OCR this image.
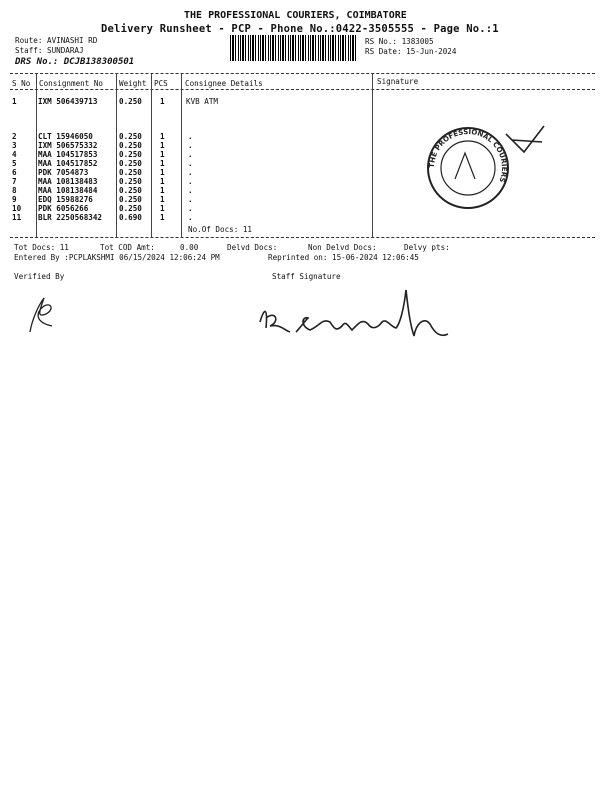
THE PROFESSIONAL COURIERS, COIMBATORE
Delivery Runsheet - PCP - Phone No.:0422-3505555 - Page No.:1
Route: AVINASHI RD
Staff: SUNDARAJ
DRS No.: DCJB138300501
RS No.: 1383005
RS Date: 15-Jun-2024
S No Consignment No Weight PCS Consignee Details	Signature
1	IXM 506439713	0.250 1	KVB ATM
2	CLT 15946050	0.250 1	.
3	IXM 506575332	0.250 1	.
4	MAA 104517853	0.250 1	.
5	MAA 104517852	0.250 1	.
6	PDK 7054873	0.250 1	.
7	MAA 108138483	0.250 1	.
8	MAA 108138484	0.250 1	.
9	EDQ 15988276	0.250 1	.
10 PDK 6056266	0.250 1	.
11 BLR 2250568342 0.690 1	.
No.Of Docs: 11
THE PROFESSIONAL COURIERS
Tot Docs: 11	Tot COD Amt:	0.00	Delvd Docs:	Non Delvd Docs:	Delvy pts:
Entered By :PCPLAKSHMI 06/15/2024 12:06:24 PM	Reprinted on: 15-06-2024 12:06:45
Verified By	Staff Signature
